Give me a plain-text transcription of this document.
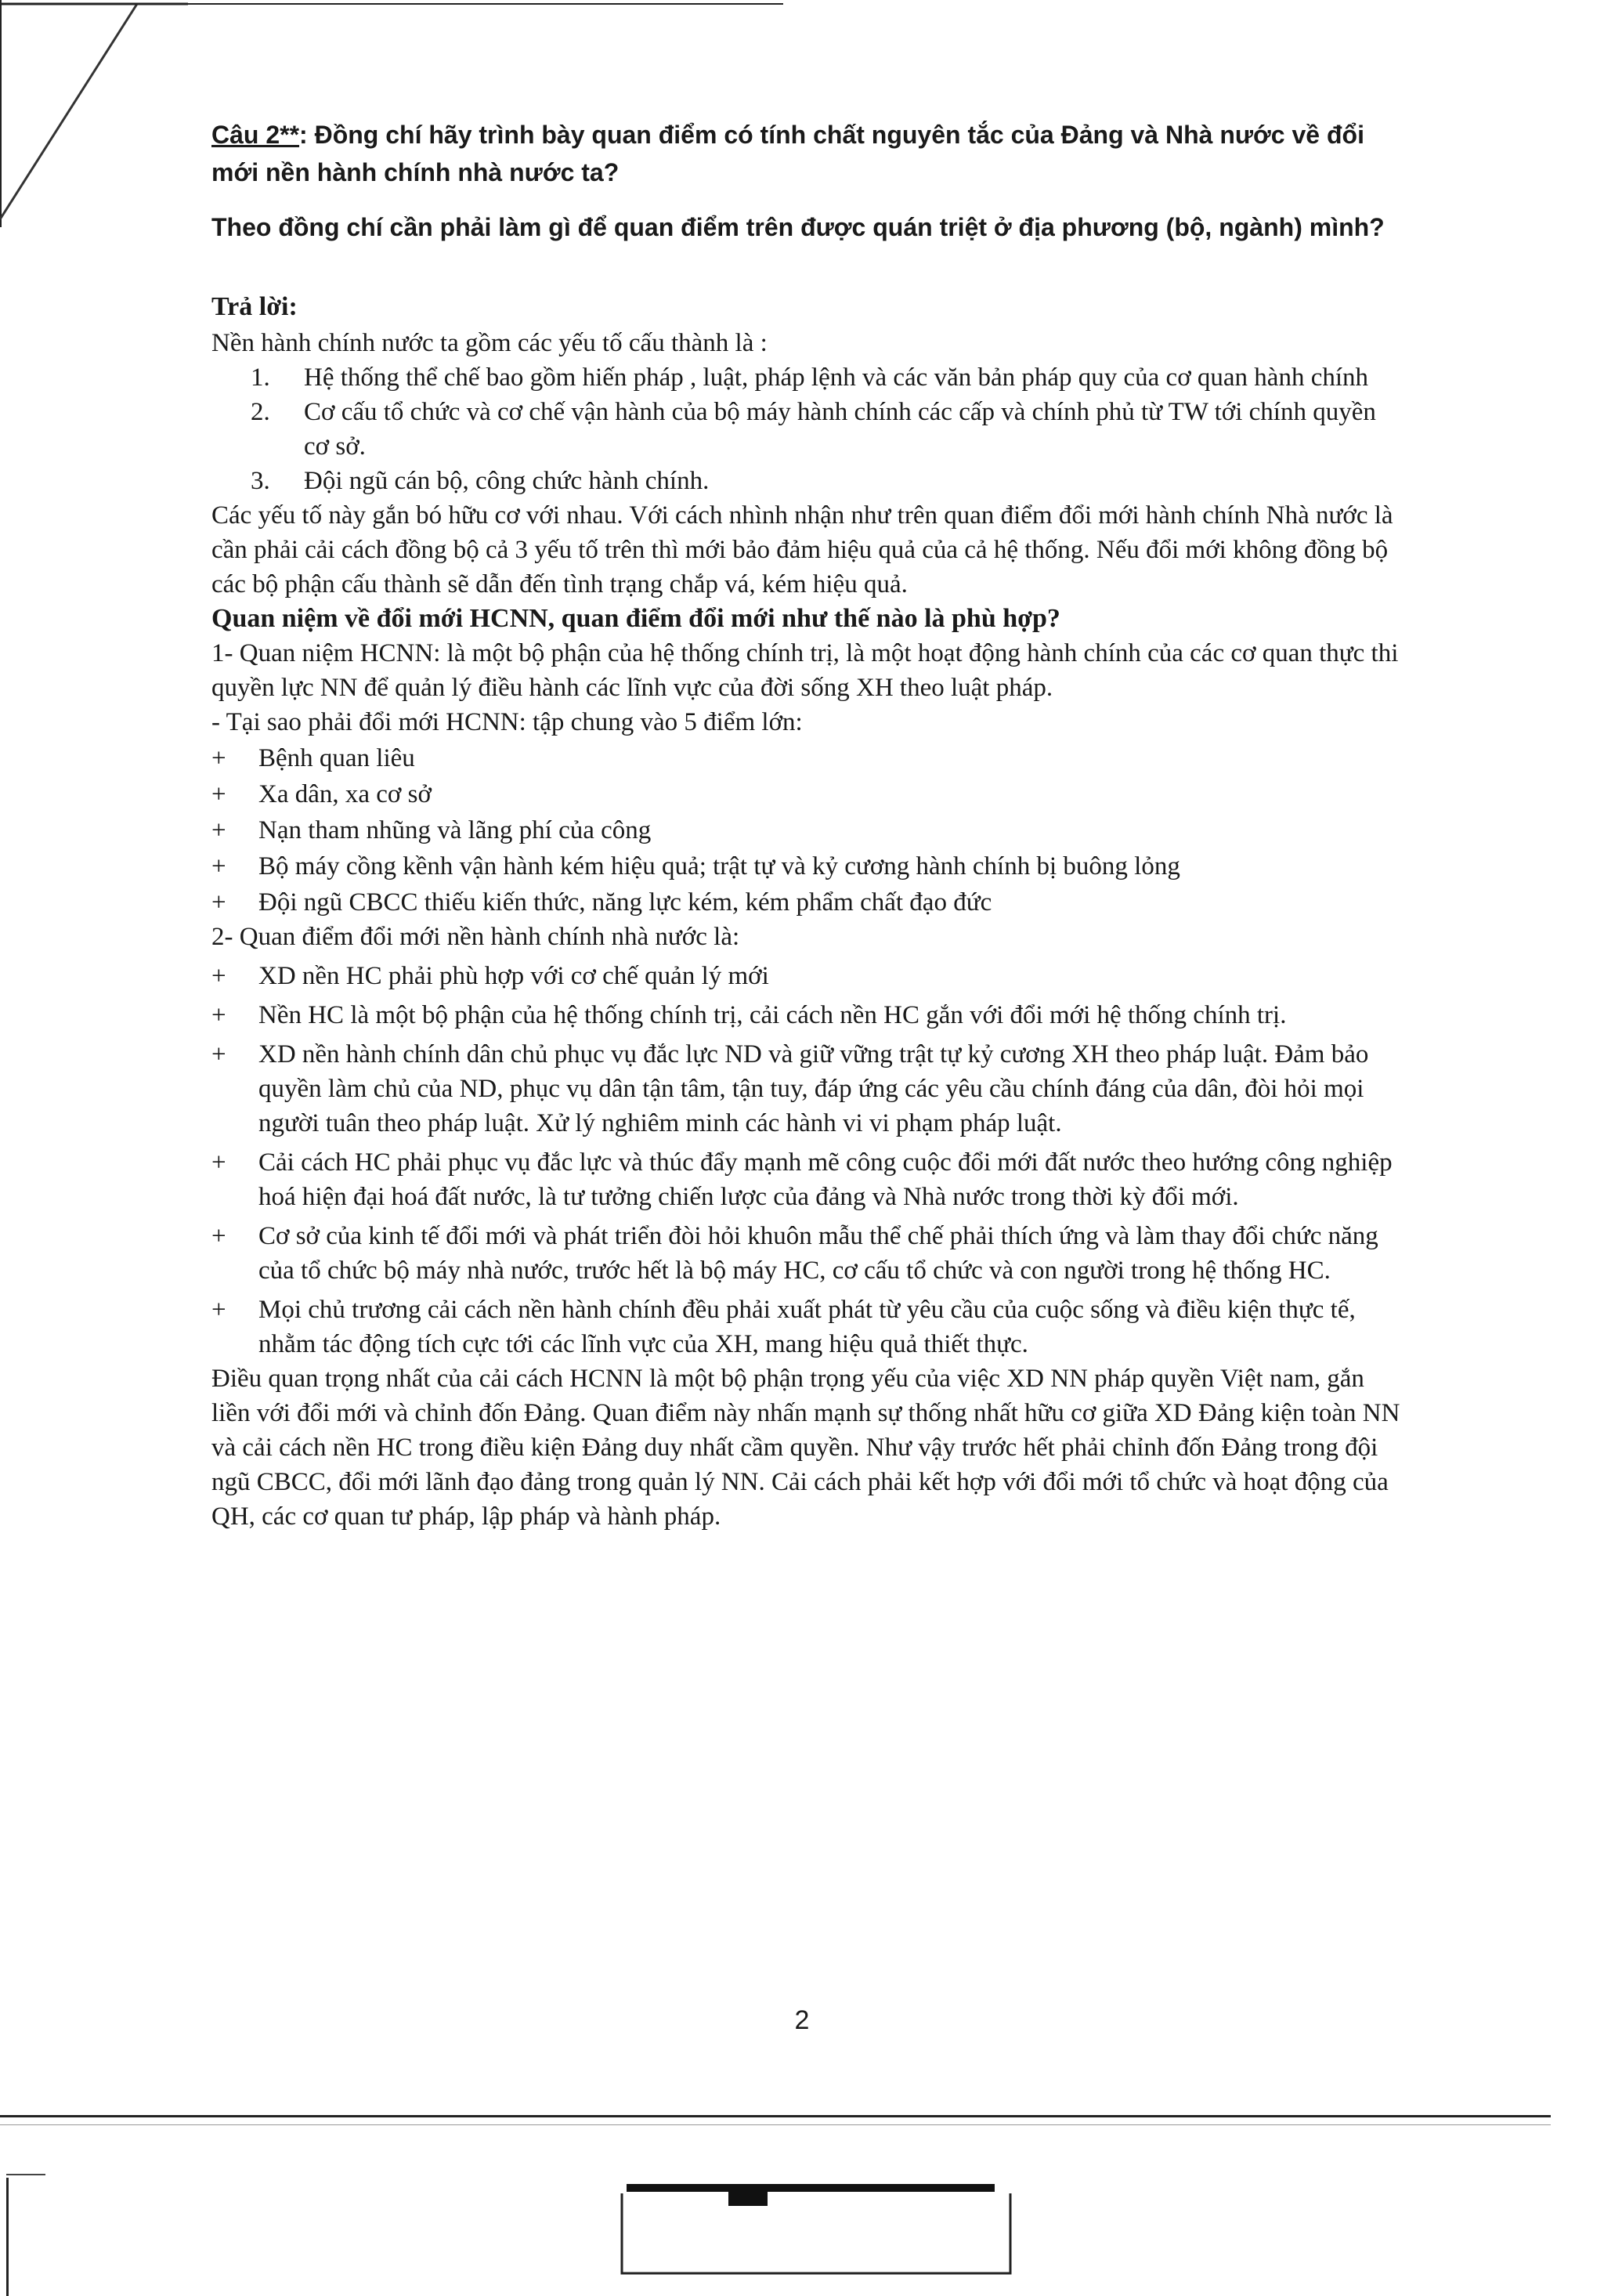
Câu 2**: Đồng chí hãy trình bày quan điểm có tính chất nguyên tắc của Đảng và Nhà nước về đổi mới nền hành chính nhà nước ta?

Theo đồng chí cần phải làm gì để quan điểm trên được quán triệt ở địa phương (bộ, ngành) mình?

Trả lời:

Nền hành chính nước ta gồm các yếu tố cấu thành là :

1. Hệ thống thể chế bao gồm hiến pháp , luật, pháp lệnh và các văn bản pháp quy của cơ quan hành chính
2. Cơ cấu tổ chức và cơ chế vận hành của bộ máy hành chính các cấp và chính phủ từ TW tới chính quyền cơ sở.
3. Đội ngũ cán bộ, công chức hành chính.

Các yếu tố này gắn bó hữu cơ với nhau. Với cách nhình nhận như trên quan điểm đổi mới hành chính Nhà nước là cần phải cải cách đồng bộ cả 3 yếu tố trên thì mới bảo đảm hiệu quả của cả hệ thống. Nếu đổi mới không đồng bộ các bộ phận cấu thành sẽ dẫn đến tình trạng chắp vá, kém hiệu quả.

Quan niệm về đổi mới HCNN, quan điểm đổi mới như thế nào là phù hợp?

1- Quan niệm HCNN: là một bộ phận của hệ thống chính trị, là một hoạt động hành chính của các cơ quan thực thi quyền lực NN để quản lý điều hành các lĩnh vực của đời sống XH theo luật pháp.

- Tại sao phải đổi mới HCNN: tập chung vào 5 điểm lớn:

+ Bệnh quan liêu
+ Xa dân, xa cơ sở
+ Nạn tham nhũng và lãng phí của công
+ Bộ máy cồng kềnh vận hành kém hiệu quả; trật tự và kỷ cương hành chính bị buông lỏng
+ Đội ngũ CBCC thiếu kiến thức, năng lực kém, kém phẩm chất đạo đức

2- Quan điểm đổi mới nền hành chính nhà nước là:

+ XD nền HC phải phù hợp với cơ chế quản lý mới
+ Nền HC là một bộ phận của hệ thống chính trị, cải cách nền HC gắn với đổi mới hệ thống chính trị.
+ XD nền hành chính dân chủ phục vụ đắc lực ND và giữ vững trật tự kỷ cương XH theo pháp luật. Đảm bảo quyền làm chủ của ND, phục vụ dân tận tâm, tận tuy, đáp ứng các yêu cầu chính đáng của dân, đòi hỏi mọi người tuân theo pháp luật. Xử lý nghiêm minh các hành vi vi phạm pháp luật.
+ Cải cách HC phải phục vụ đắc lực và thúc đẩy mạnh mẽ công cuộc đổi mới đất nước theo hướng công nghiệp hoá hiện đại hoá đất nước, là tư tưởng chiến lược của đảng và Nhà nước trong thời kỳ đổi mới.
+ Cơ sở của kinh tế đổi mới và phát triển đòi hỏi khuôn mẫu thể chế phải thích ứng và làm thay đổi chức năng của tổ chức bộ máy nhà nước, trước hết là bộ máy HC, cơ cấu tổ chức và con người trong hệ thống HC.
+ Mọi chủ trương cải cách nền hành chính đều phải xuất phát từ yêu cầu của cuộc sống và điều kiện thực tế, nhằm tác động tích cực tới các lĩnh vực của XH, mang hiệu quả thiết thực.

Điều quan trọng nhất của cải cách HCNN là một bộ phận trọng yếu của việc XD NN pháp quyền Việt nam, gắn liền với đổi mới và chỉnh đốn Đảng. Quan điểm này nhấn mạnh sự thống nhất hữu cơ giữa XD Đảng kiện toàn NN và cải cách nền HC trong điều kiện Đảng duy nhất cầm quyền. Như vậy trước hết phải chỉnh đốn Đảng trong đội ngũ CBCC, đổi mới lãnh đạo đảng trong quản lý NN. Cải cách phải kết hợp với đổi mới tổ chức và hoạt động của QH, các cơ quan tư pháp, lập pháp và hành pháp.

2
